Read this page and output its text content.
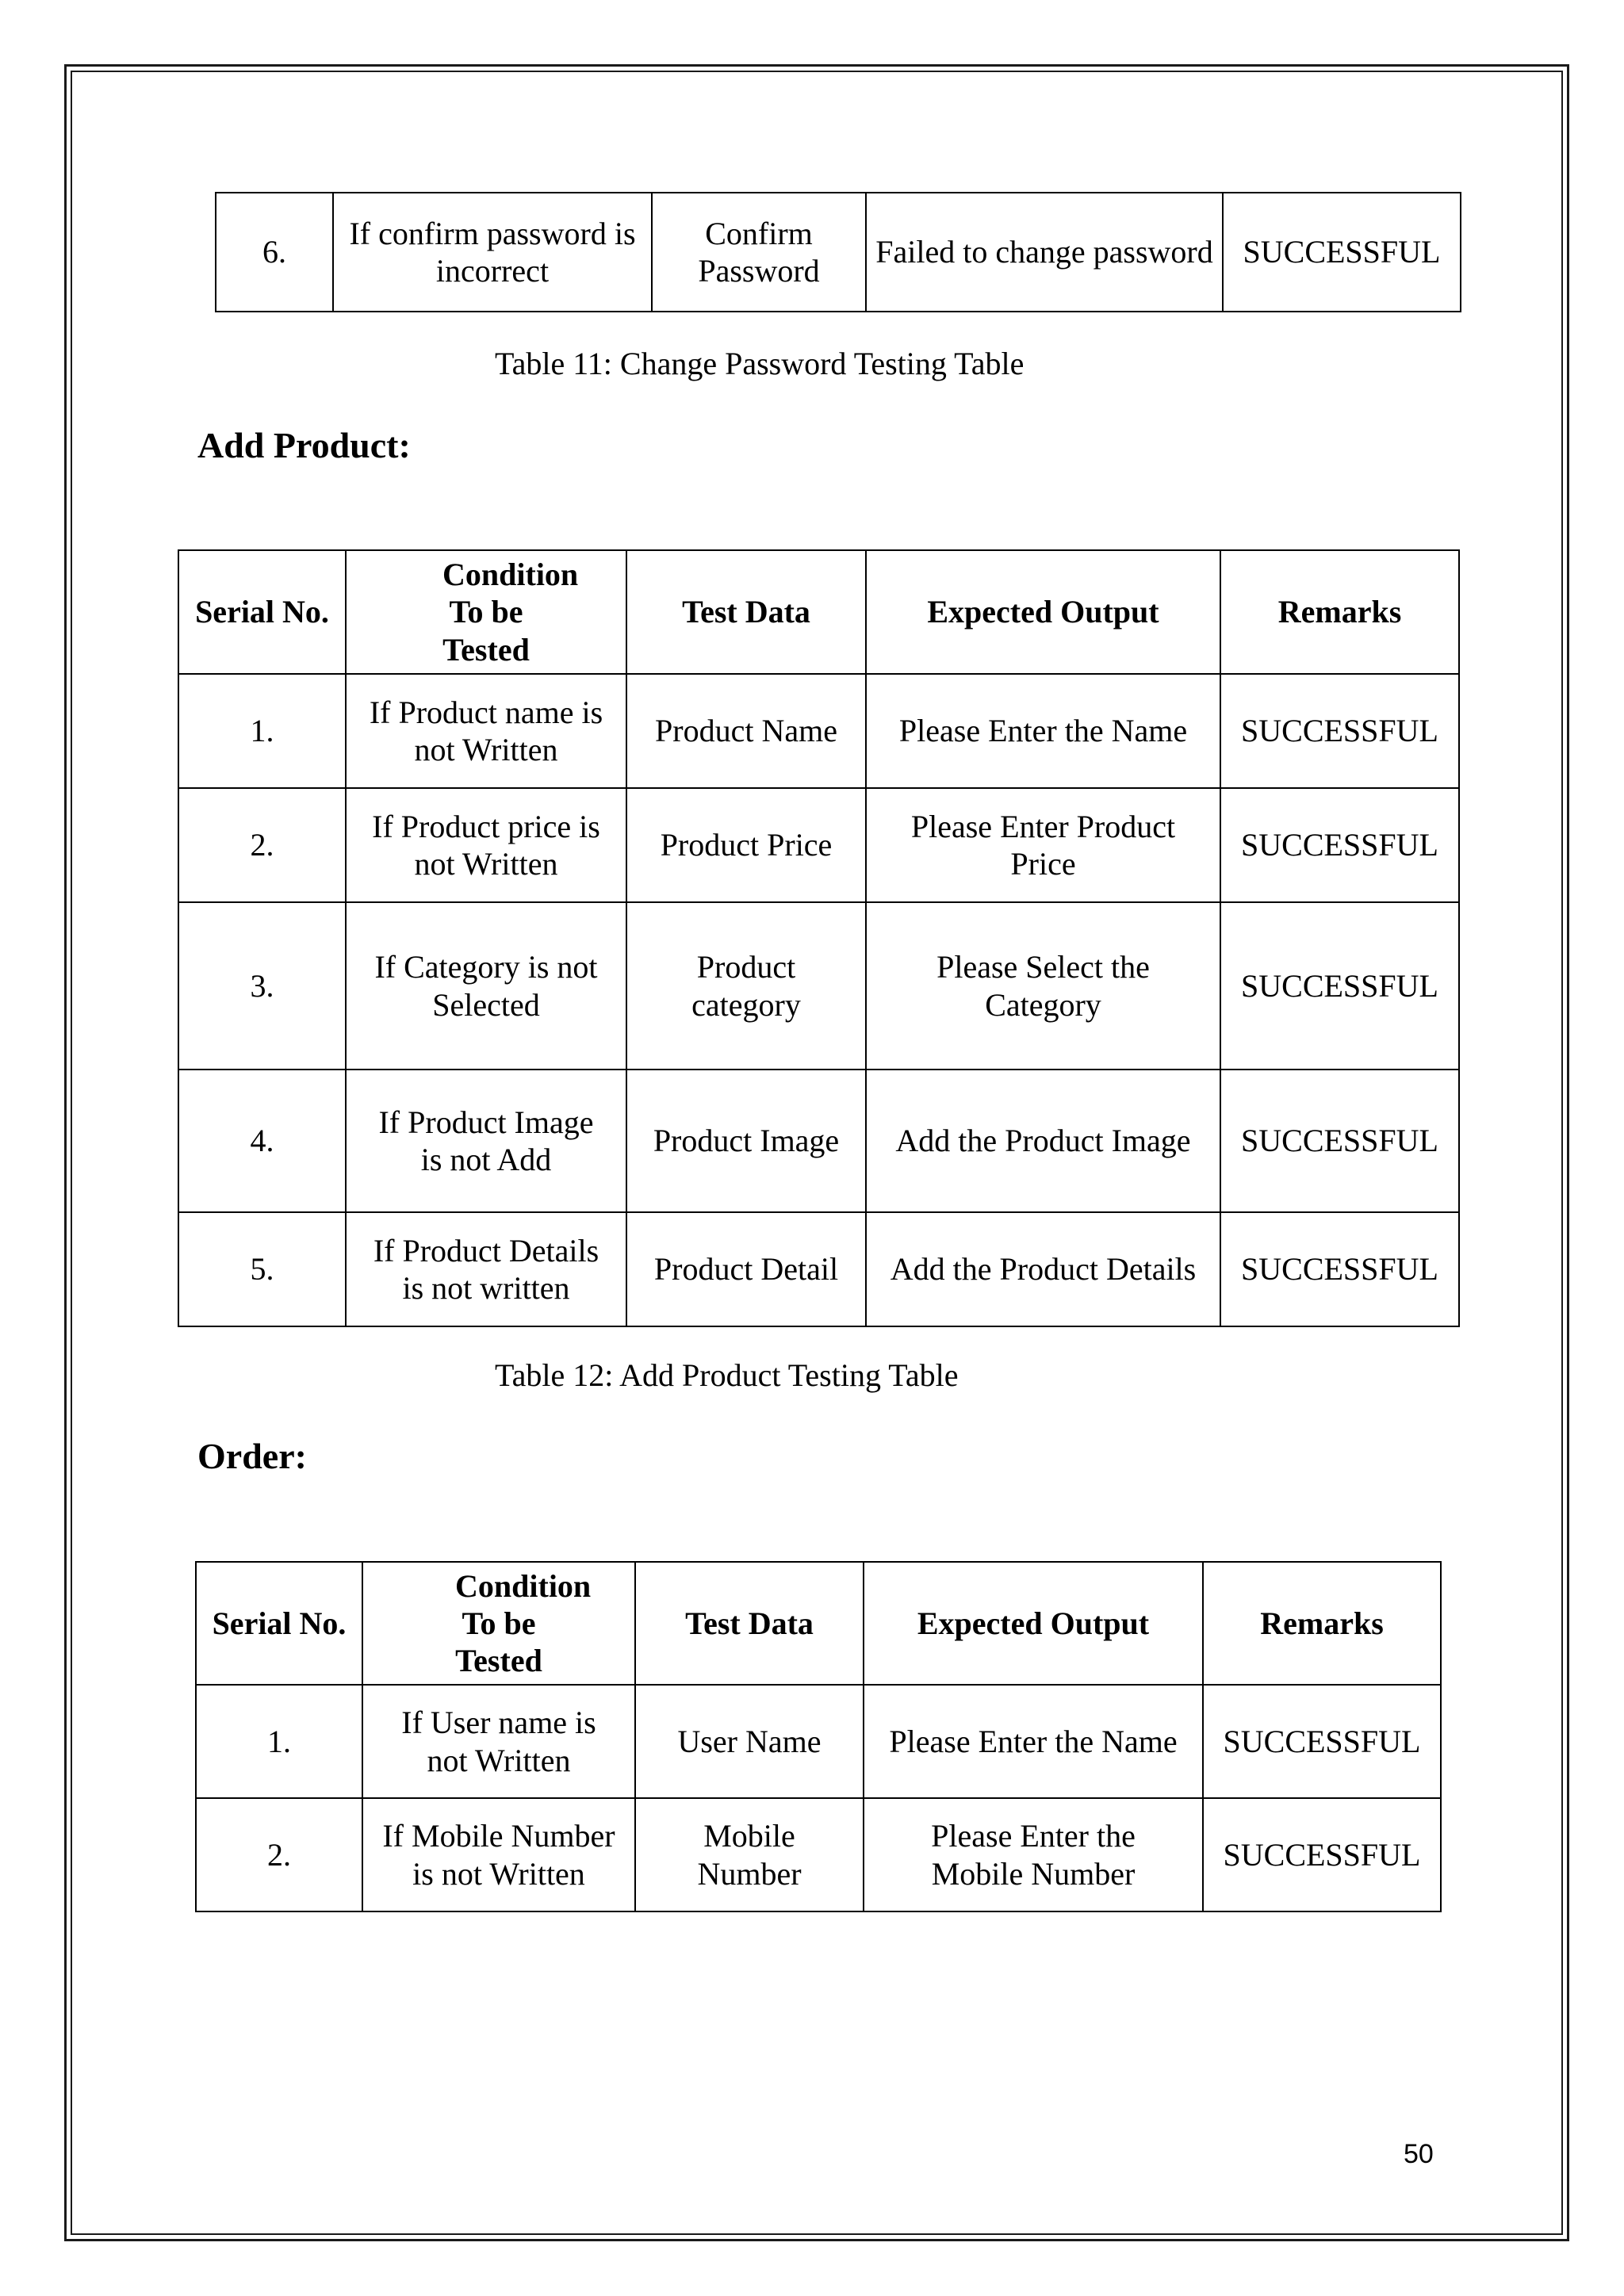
6.	If confirm password is incorrect	Confirm Password	Failed to change password	SUCCESSFUL
Table 11: Change Password Testing Table
Add Product:
Serial No.	Condition To be Tested	Test Data	Expected Output	Remarks
1.	If Product name is not Written	Product Name	Please Enter the Name	SUCCESSFUL
2.	If Product price is not Written	Product Price	Please Enter Product Price	SUCCESSFUL
3.	If Category is not Selected	Product category	Please Select the Category	SUCCESSFUL
4.	If Product Image is not Add	Product Image	Add the Product Image	SUCCESSFUL
5.	If Product Details is not written	Product Detail	Add the Product Details	SUCCESSFUL
Table 12: Add Product Testing Table
Order:
Serial No.	Condition To be Tested	Test Data	Expected Output	Remarks
1.	If User name is not Written	User Name	Please Enter the Name	SUCCESSFUL
2.	If Mobile Number is not Written	Mobile Number	Please Enter the Mobile Number	SUCCESSFUL
50
